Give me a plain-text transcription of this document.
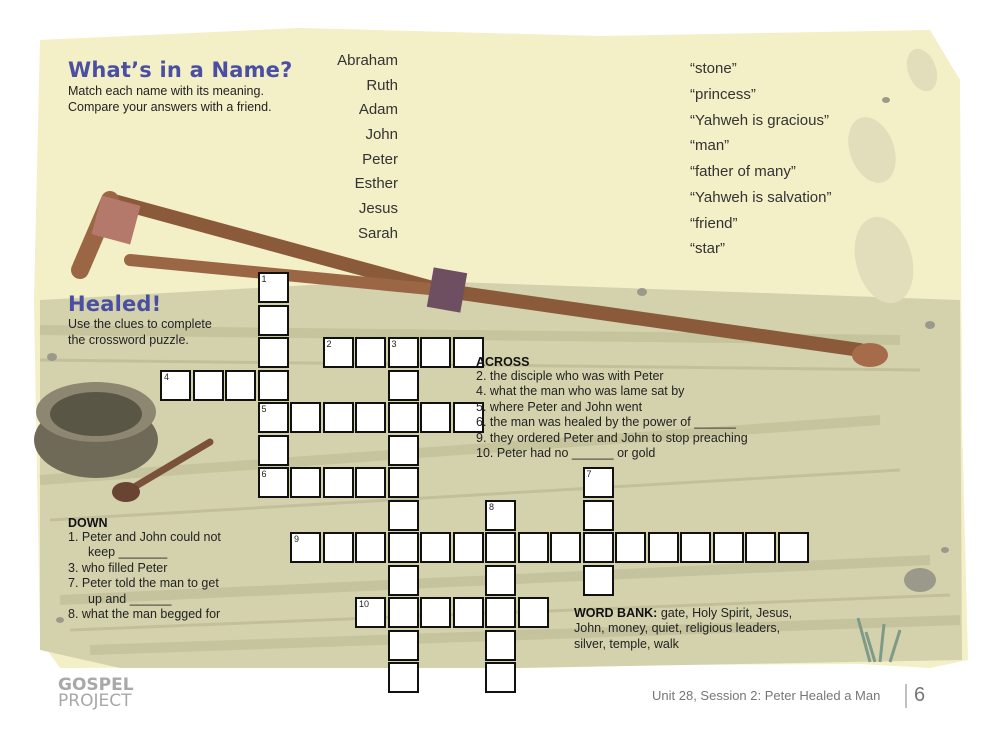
What’s in a Name?
Match each name with its meaning.
Compare your answers with a friend.
Abraham
Ruth
Adam
John
Peter
Esther
Jesus
Sarah
“stone”
“princess”
“Yahweh is gracious”
“man”
“father of many”
“Yahweh is salvation”
“friend”
“star”
Healed!
Use the clues to complete
the crossword puzzle.
1
5
2	3
4
6	7
8
9
10
ACROSS
2. the disciple who was with Peter
4. what the man who was lame sat by
5. where Peter and John went
6. the man was healed by the power of ______
9. they ordered Peter and John to stop preaching
10. Peter had no ______ or gold
DOWN
1. Peter and John could not
keep _______
3. who filled Peter
7. Peter told the man to get
up and ______
8. what the man begged for	WORD BANK: gate, Holy Spirit, Jesus,
John, money, quiet, religious leaders,
silver, temple, walk
GOSPEL
PROJECT	Unit 28, Session 2: Peter Healed a Man 6
